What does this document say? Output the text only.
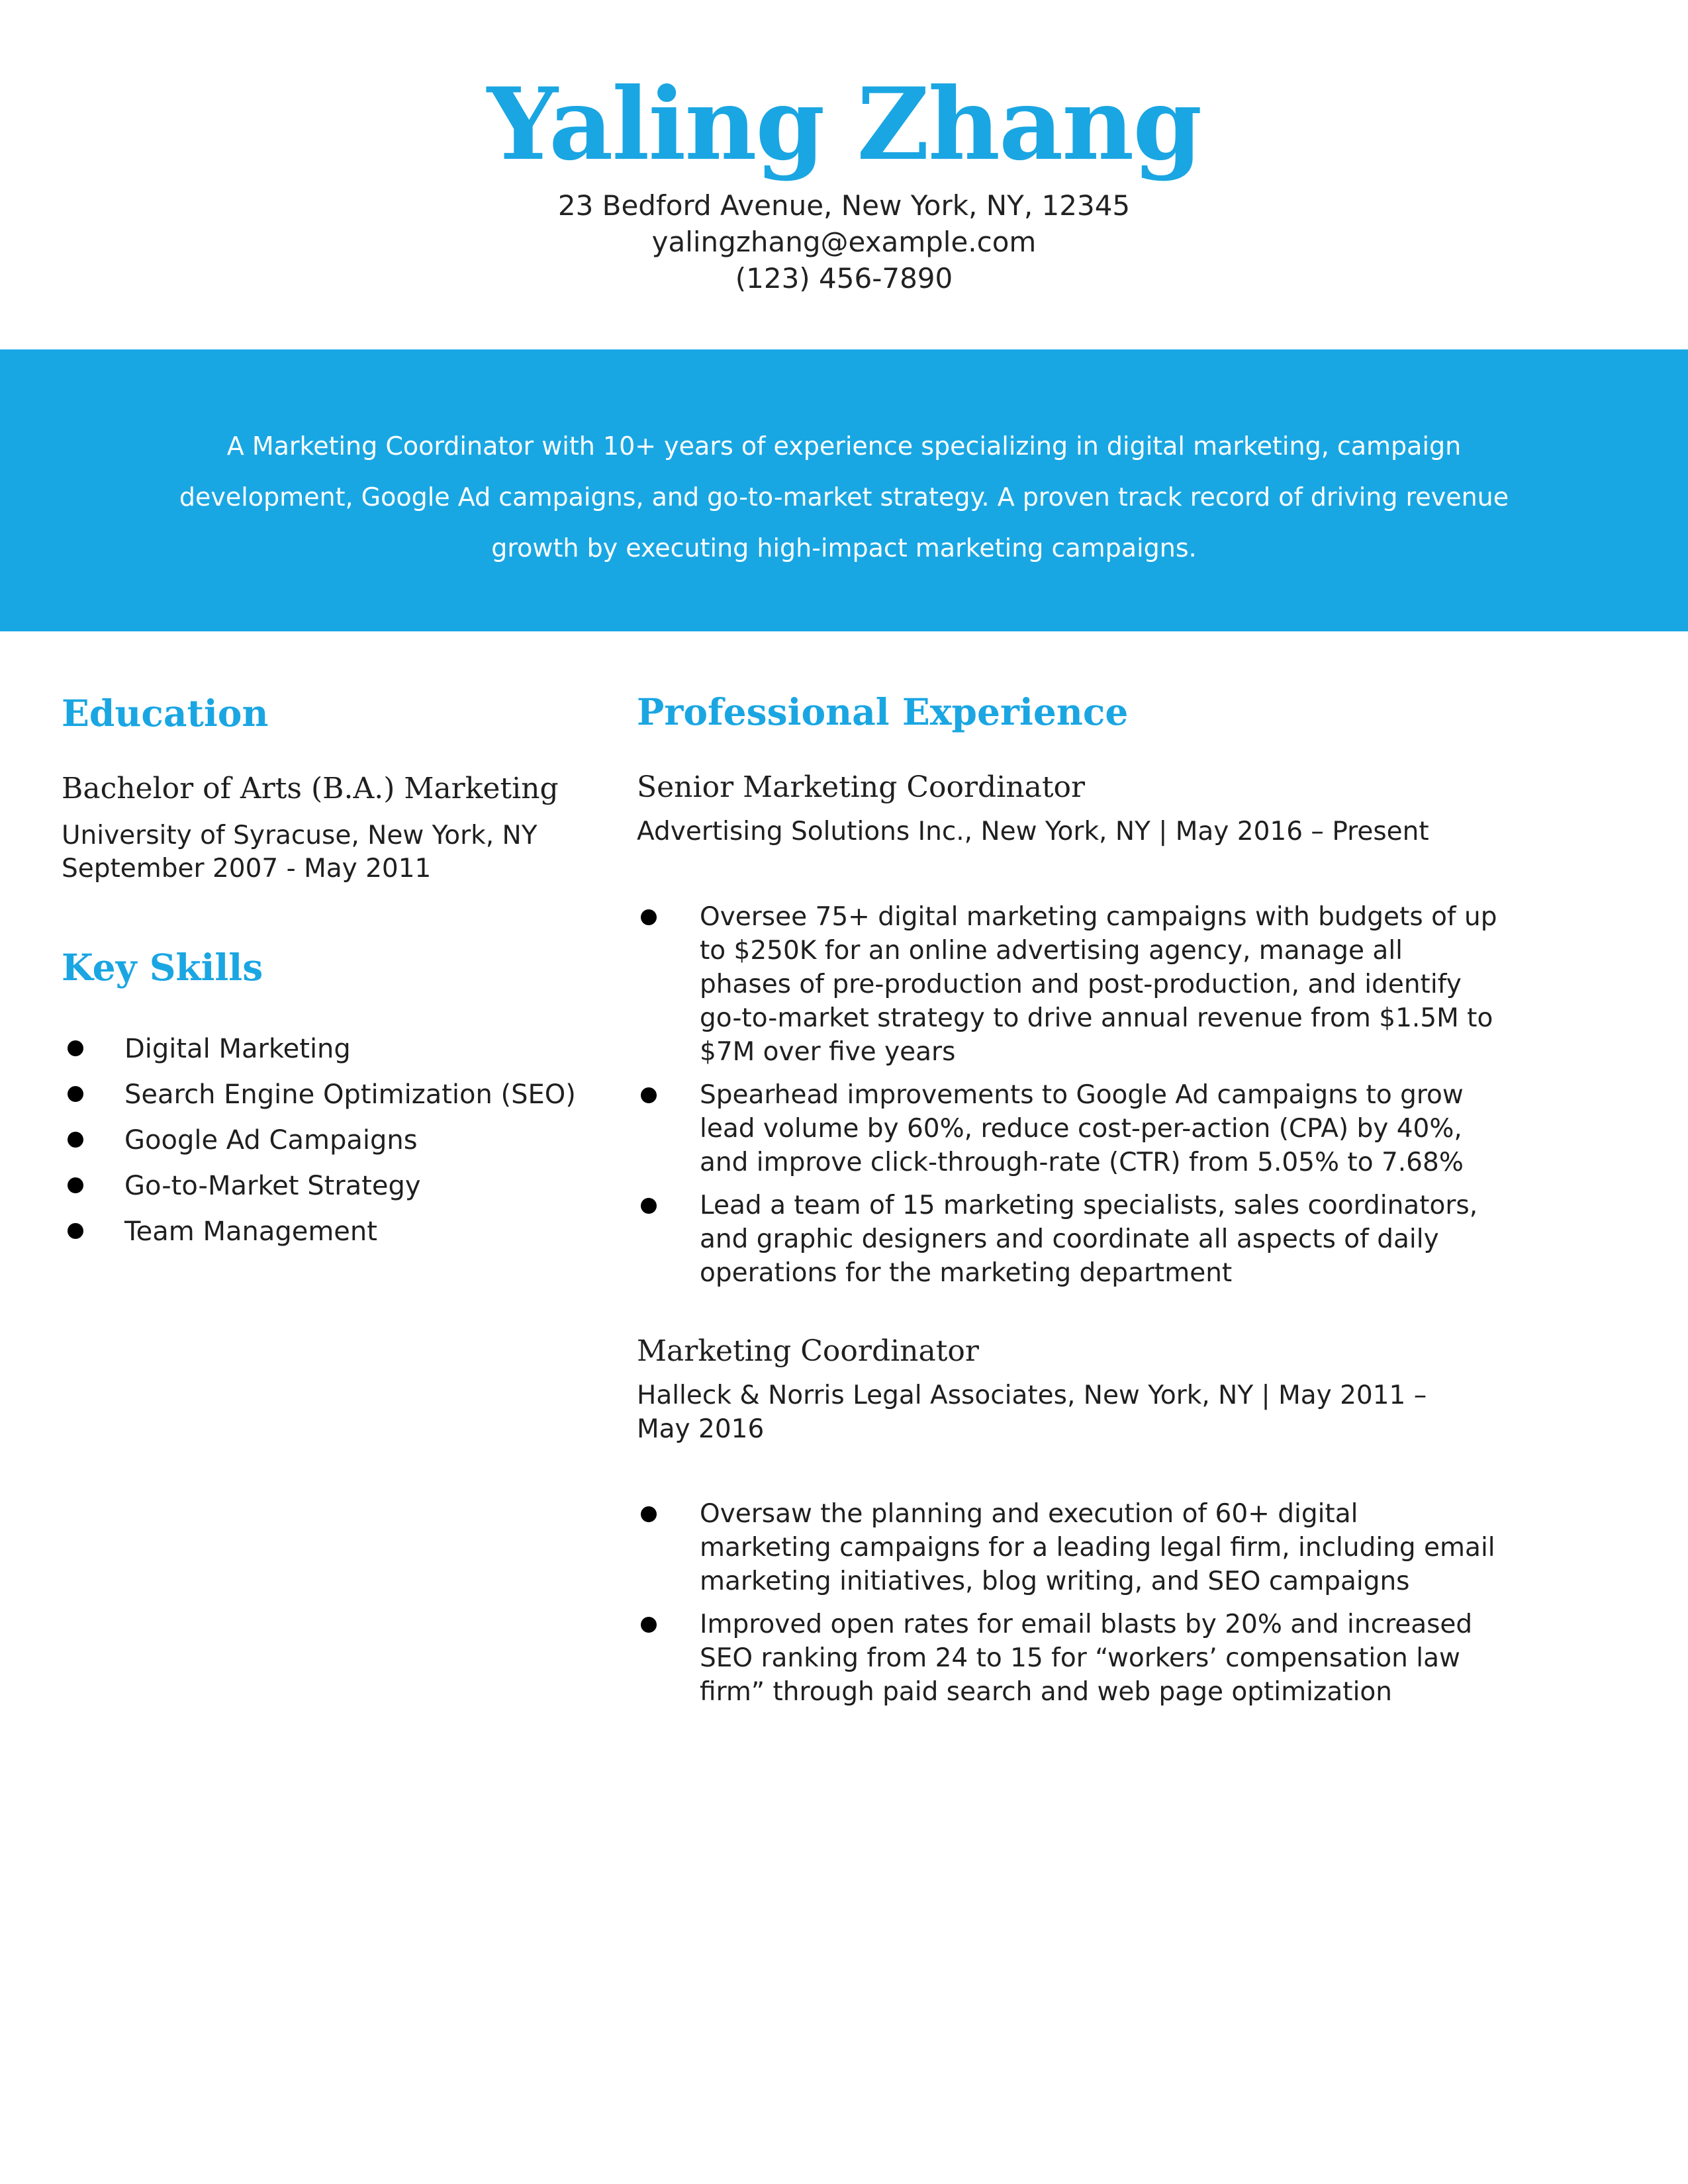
Yaling Zhang
23 Bedford Avenue, New York, NY, 12345
yalingzhang@example.com
(123) 456-7890
A Marketing Coordinator with 10+ years of experience specializing in digital marketing, campaign development, Google Ad campaigns, and go-to-market strategy. A proven track record of driving revenue growth by executing high-impact marketing campaigns.
Education
Bachelor of Arts (B.A.) Marketing
University of Syracuse, New York, NY
September 2007 - May 2011
Key Skills
Digital Marketing
Search Engine Optimization (SEO)
Google Ad Campaigns
Go-to-Market Strategy
Team Management
Professional Experience
Senior Marketing Coordinator
Advertising Solutions Inc., New York, NY | May 2016 – Present
Oversee 75+ digital marketing campaigns with budgets of up to $250K for an online advertising agency, manage all phases of pre-production and post-production, and identify go-to-market strategy to drive annual revenue from $1.5M to $7M over five years
Spearhead improvements to Google Ad campaigns to grow lead volume by 60%, reduce cost-per-action (CPA) by 40%, and improve click-through-rate (CTR) from 5.05% to 7.68%
Lead a team of 15 marketing specialists, sales coordinators, and graphic designers and coordinate all aspects of daily operations for the marketing department
Marketing Coordinator
Halleck & Norris Legal Associates, New York, NY | May 2011 – May 2016
Oversaw the planning and execution of 60+ digital marketing campaigns for a leading legal firm, including email marketing initiatives, blog writing, and SEO campaigns
Improved open rates for email blasts by 20% and increased SEO ranking from 24 to 15 for “workers’ compensation law firm” through paid search and web page optimization
